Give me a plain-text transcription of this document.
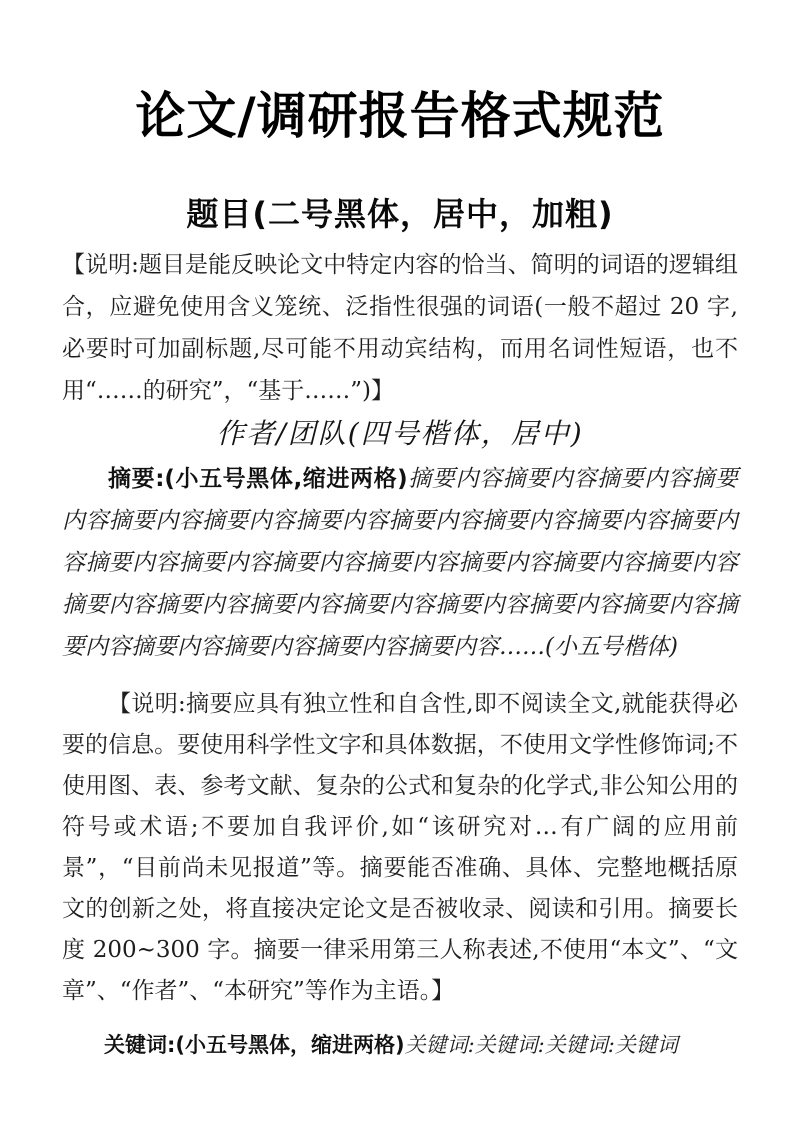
论文/调研报告格式规范
题目(二号黑体，居中，加粗)

【说明:题目是能反映论文中特定内容的恰当、简明的词语的逻辑组合，应避免使用含义笼统、泛指性很强的词语(一般不超过 20 字,必要时可加副标题,尽可能不用动宾结构，而用名词性短语，也不用“……的研究”，“基于……”)】

作者/团队(四号楷体，居中)

摘要:(小五号黑体,缩进两格)摘要内容摘要内容摘要内容摘要内容摘要内容摘要内容摘要内容摘要内容摘要内容摘要内容摘要内容摘要内容摘要内容摘要内容摘要内容摘要内容摘要内容摘要内容摘要内容摘要内容摘要内容摘要内容摘要内容摘要内容摘要内容摘要内容摘要内容摘要内容摘要内容摘要内容……(小五号楷体)

【说明:摘要应具有独立性和自含性,即不阅读全文,就能获得必要的信息。要使用科学性文字和具体数据，不使用文学性修饰词;不使用图、表、参考文献、复杂的公式和复杂的化学式,非公知公用的符号或术语;不要加自我评价,如“该研究对…有广阔的应用前景”，“目前尚未见报道”等。摘要能否准确、具体、完整地概括原文的创新之处，将直接决定论文是否被收录、阅读和引用。摘要长度 200~300 字。摘要一律采用第三人称表述,不使用“本文”、“文章”、“作者”、“本研究”等作为主语。】

关键词:(小五号黑体，缩进两格)关键词:关键词:关键词:关键词
